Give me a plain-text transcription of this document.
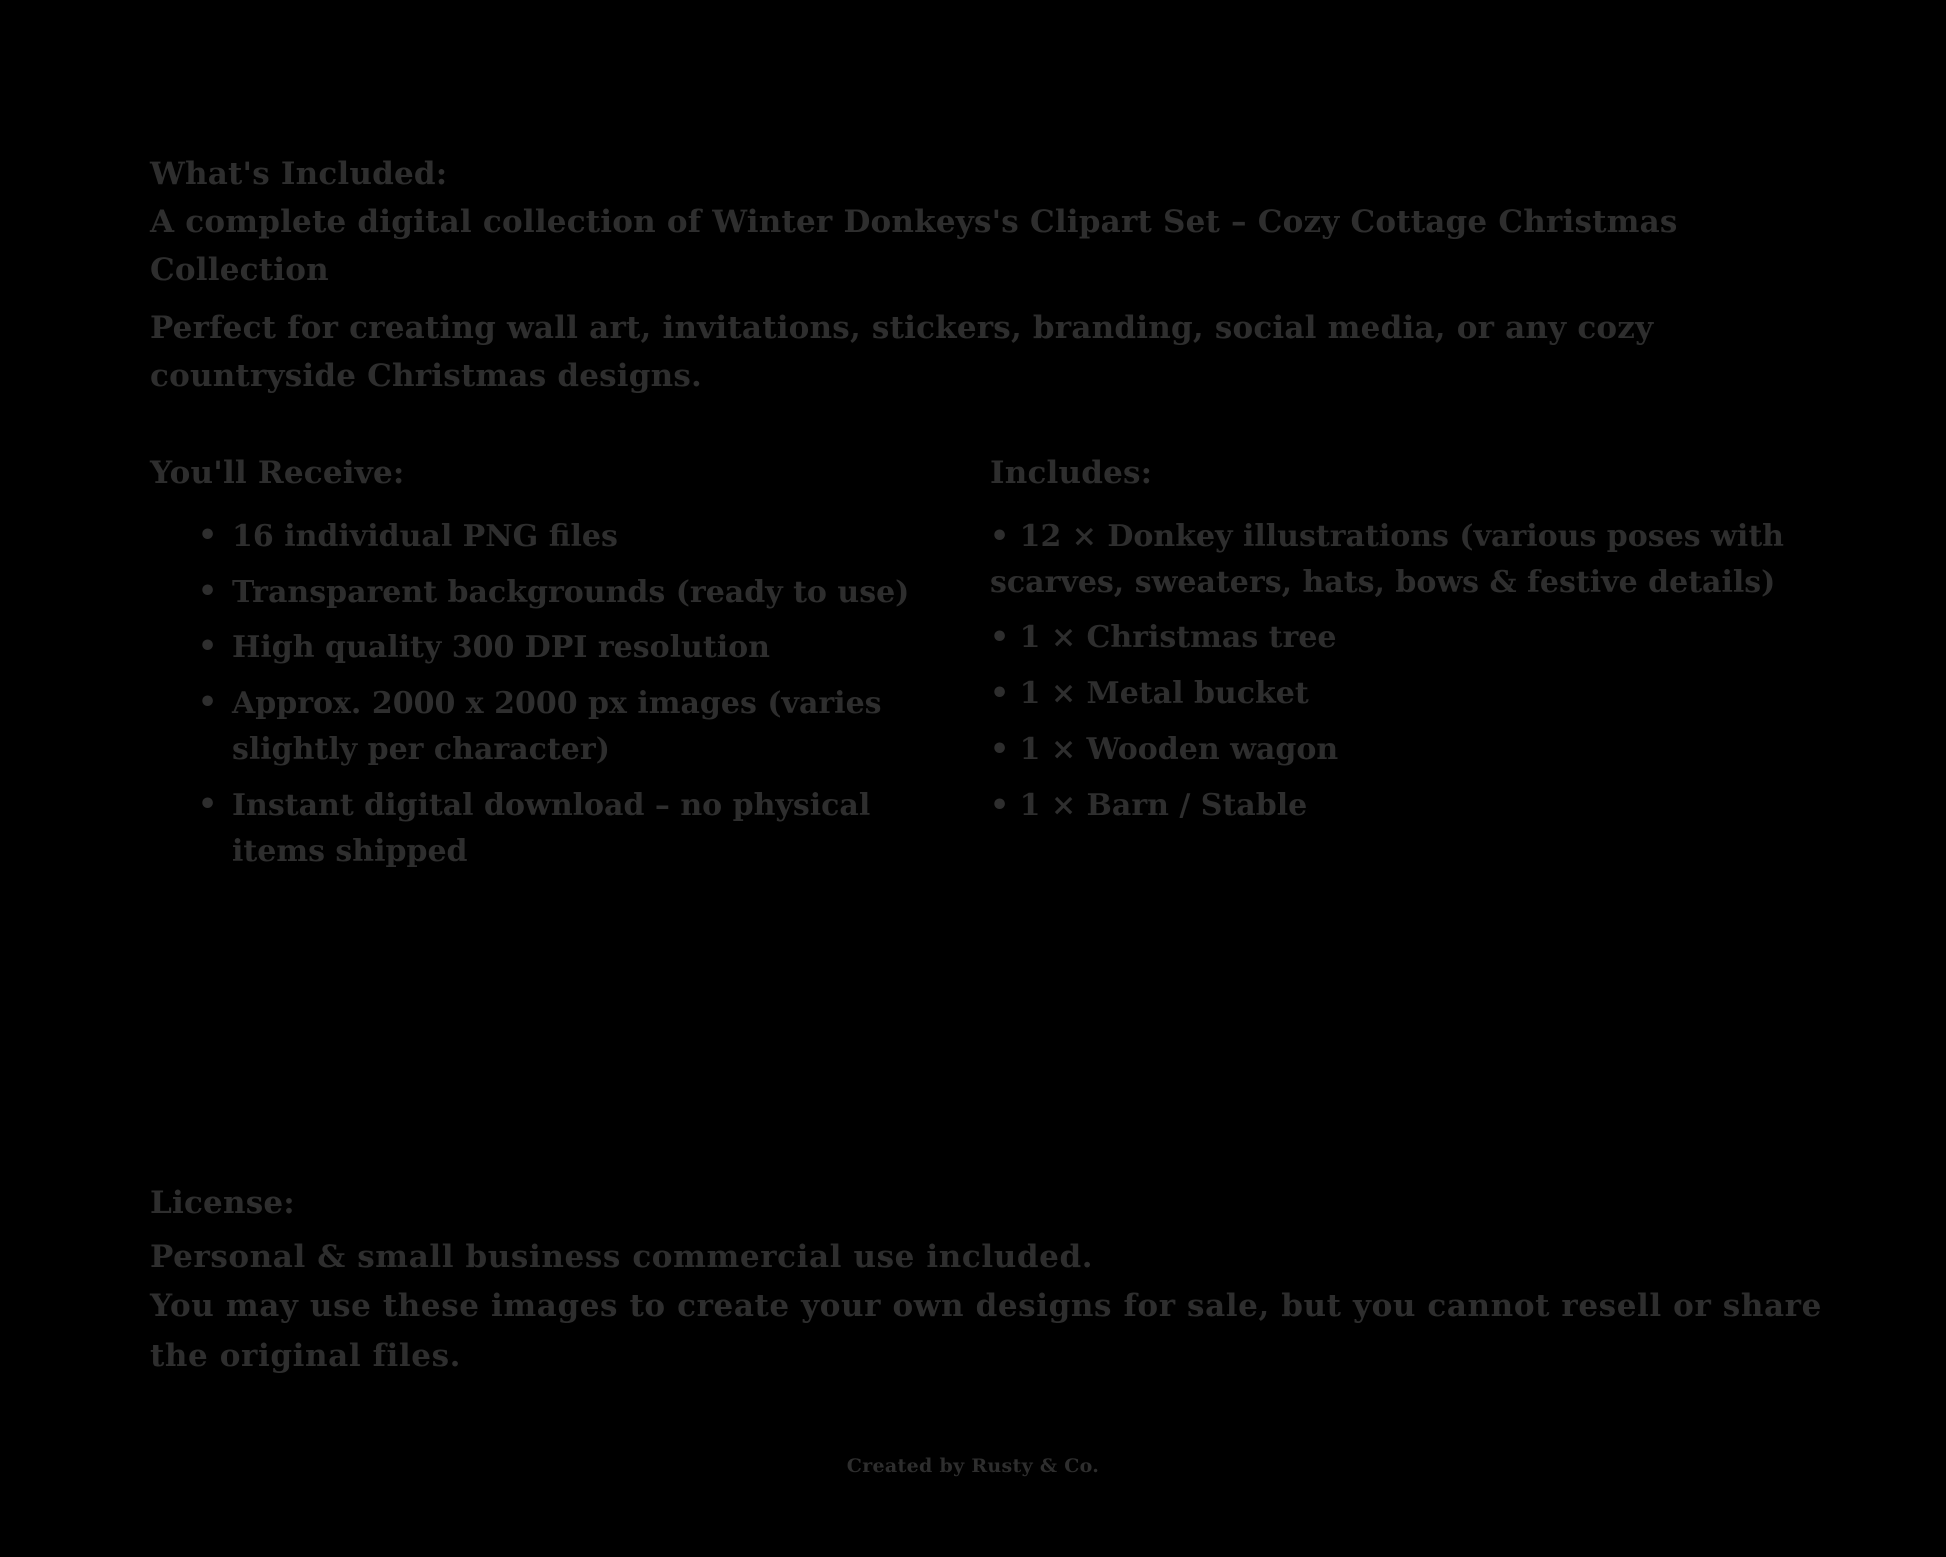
What's Included:
A complete digital collection of Winter Donkeys's Clipart Set – Cozy Cottage Christmas Collection
Perfect for creating wall art, invitations, stickers, branding, social media, or any cozy countryside Christmas designs.
You'll Receive:
• 16 individual PNG files
• Transparent backgrounds (ready to use)
• High quality 300 DPI resolution
• Approx. 2000 x 2000 px images (varies slightly per character)
• Instant digital download – no physical items shipped
Includes:
• 12 × Donkey illustrations (various poses with scarves, sweaters, hats, bows & festive details)
• 1 × Christmas tree
• 1 × Metal bucket
• 1 × Wooden wagon
• 1 × Barn / Stable
License:
Personal & small business commercial use included.
You may use these images to create your own designs for sale, but you cannot resell or share the original files.
Created by Rusty & Co.
